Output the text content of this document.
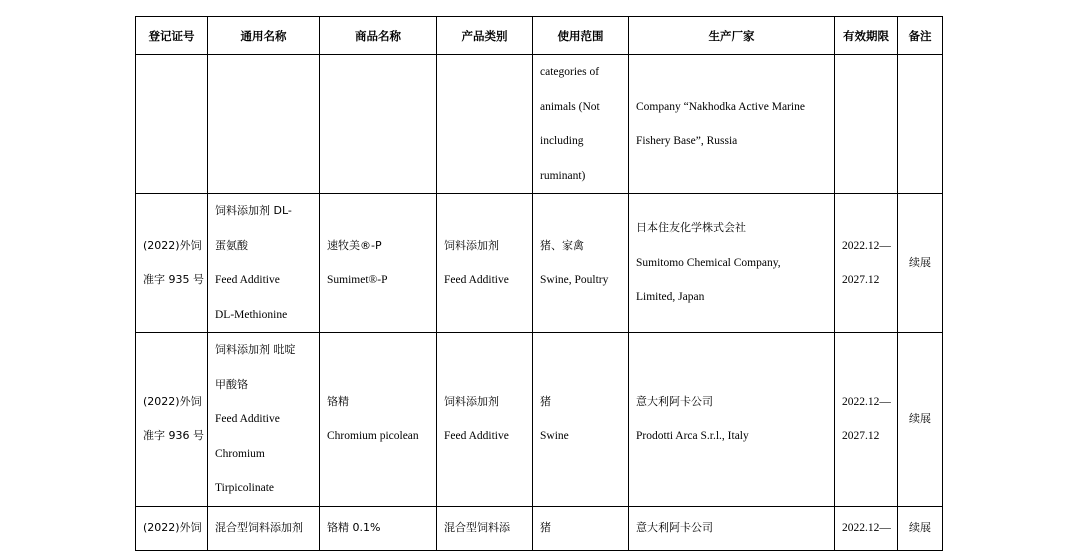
登记证号	通用名称	商品名称	产品类别	使用范围	生产厂家	有效期限	备注

				categories of
animals (Not
including
ruminant)	Company “Nakhodka Active Marine
Fishery Base”, Russia		

(2022)外饲
准字 935 号	饲料添加剂 DL-
蛋氨酸
Feed Additive
DL-Methionine	速牧美®-P
Sumimet®-P	饲料添加剂
Feed Additive	猪、家禽
Swine, Poultry	日本住友化学株式会社
Sumitomo Chemical Company,
Limited, Japan	2022.12—
2027.12	续展

(2022)外饲
准字 936 号	饲料添加剂 吡啶
甲酸铬
Feed Additive
Chromium
Tirpicolinate	铬精
Chromium picolean	饲料添加剂
Feed Additive	猪
Swine	意大利阿卡公司
Prodotti Arca S.r.l., Italy	2022.12—
2027.12	续展

(2022)外饲	混合型饲料添加剂	铬精 0.1%	混合型饲料添	猪	意大利阿卡公司	2022.12—	续展
